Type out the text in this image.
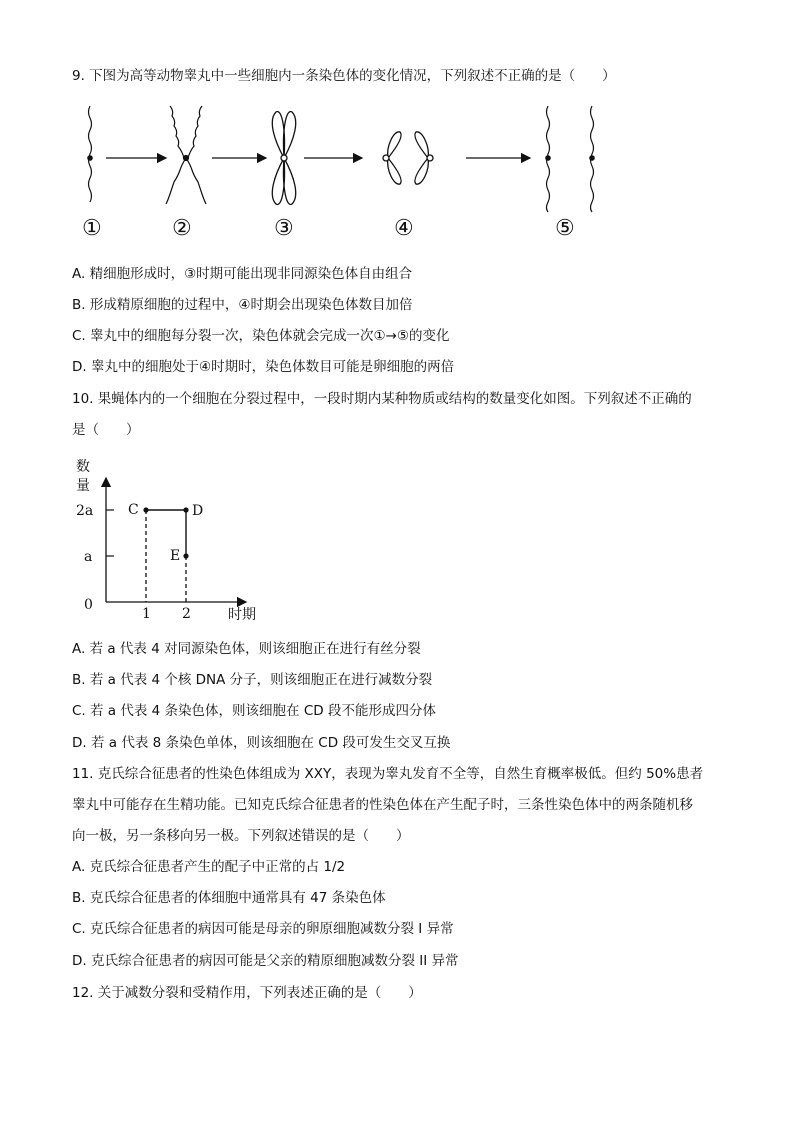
9. 下图为高等动物睾丸中一些细胞内一条染色体的变化情况，下列叙述不正确的是（　　）
①	②	③	④	⑤
A. 精细胞形成时，③时期可能出现非同源染色体自由组合
B. 形成精原细胞的过程中，④时期会出现染色体数目加倍
C. 睾丸中的细胞每分裂一次，染色体就会完成一次①→⑤的变化
D. 睾丸中的细胞处于④时期时，染色体数目可能是卵细胞的两倍
10. 果蝇体内的一个细胞在分裂过程中，一段时期内某种物质或结构的数量变化如图。下列叙述不正确的
是（　　）
数
量
0
a
2a
1 2
C	D
E
时期
A. 若 a 代表 4 对同源染色体，则该细胞正在进行有丝分裂
B. 若 a 代表 4 个核 DNA 分子，则该细胞正在进行减数分裂
C. 若 a 代表 4 条染色体，则该细胞在 CD 段不能形成四分体
D. 若 a 代表 8 条染色单体，则该细胞在 CD 段可发生交叉互换
11. 克氏综合征患者的性染色体组成为 XXY，表现为睾丸发育不全等，自然生育概率极低。但约 50%患者
睾丸中可能存在生精功能。已知克氏综合征患者的性染色体在产生配子时，三条性染色体中的两条随机移
向一极，另一条移向另一极。下列叙述错误的是（　　）
A. 克氏综合征患者产生的配子中正常的占 1/2
B. 克氏综合征患者的体细胞中通常具有 47 条染色体
C. 克氏综合征患者的病因可能是母亲的卵原细胞减数分裂 I 异常
D. 克氏综合征患者的病因可能是父亲的精原细胞减数分裂 II 异常
12. 关于减数分裂和受精作用，下列表述正确的是（　　）
